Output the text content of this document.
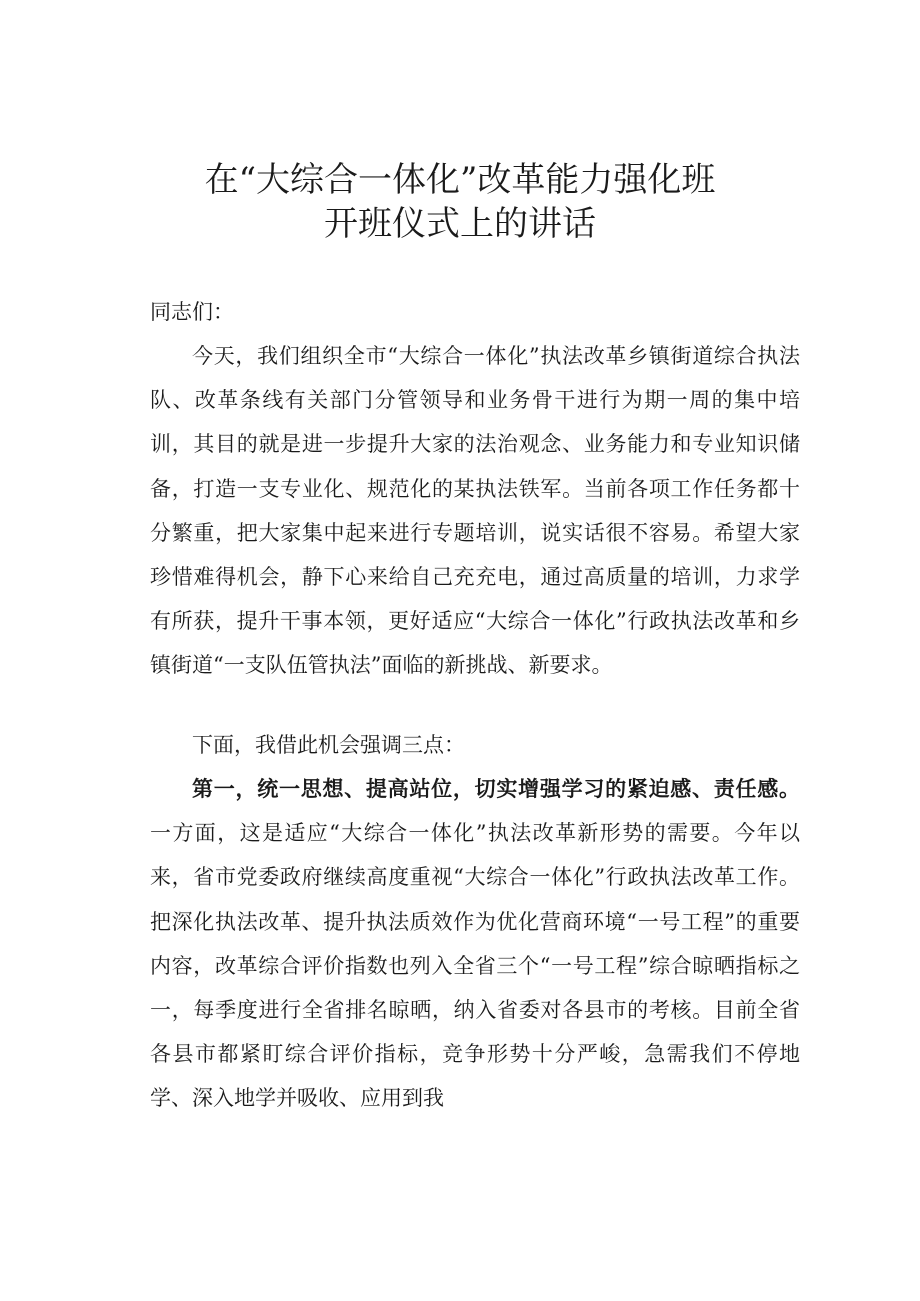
在“大综合一体化”改革能力强化班
开班仪式上的讲话

同志们：

今天，我们组织全市“大综合一体化”执法改革乡镇街道综合执法队、改革条线有关部门分管领导和业务骨干进行为期一周的集中培训，其目的就是进一步提升大家的法治观念、业务能力和专业知识储备，打造一支专业化、规范化的某执法铁军。当前各项工作任务都十分繁重，把大家集中起来进行专题培训，说实话很不容易。希望大家珍惜难得机会，静下心来给自己充充电，通过高质量的培训，力求学有所获，提升干事本领，更好适应“大综合一体化”行政执法改革和乡镇街道“一支队伍管执法”面临的新挑战、新要求。

下面，我借此机会强调三点：

第一，统一思想、提高站位，切实增强学习的紧迫感、责任感。一方面，这是适应“大综合一体化”执法改革新形势的需要。今年以来，省市党委政府继续高度重视“大综合一体化”行政执法改革工作。把深化执法改革、提升执法质效作为优化营商环境“一号工程”的重要内容，改革综合评价指数也列入全省三个“一号工程”综合晾晒指标之一，每季度进行全省排名晾晒，纳入省委对各县市的考核。目前全省各县市都紧盯综合评价指标，竞争形势十分严峻，急需我们不停地学、深入地学并吸收、应用到我
